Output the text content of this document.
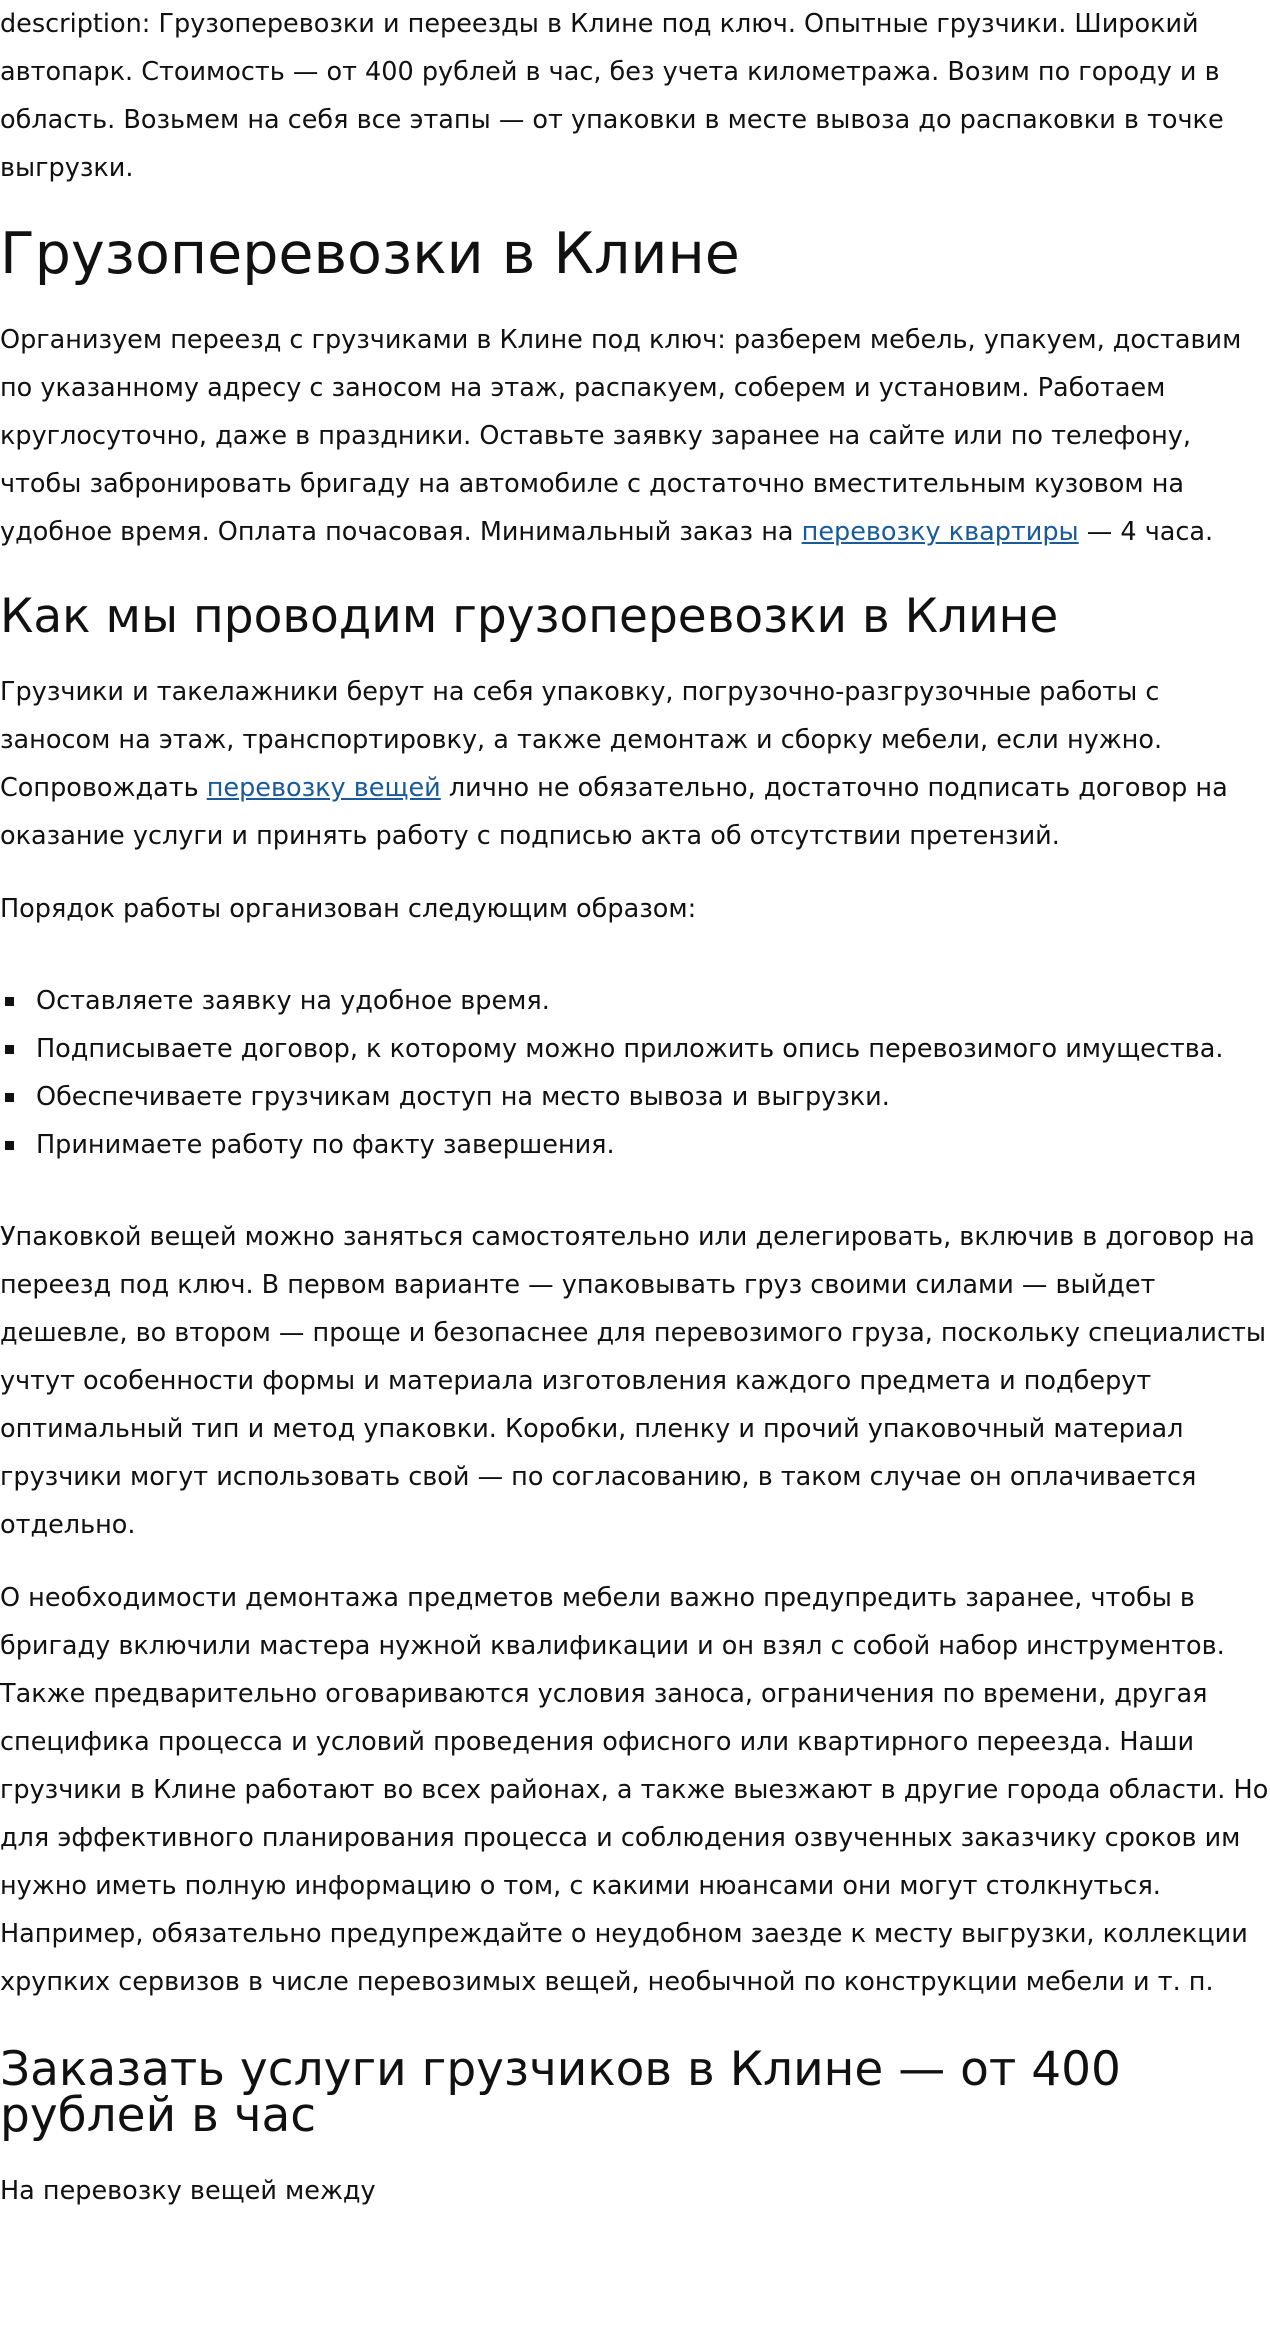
description: Грузоперевозки и переезды в Клине под ключ. Опытные грузчики. Широкий автопарк. Стоимость — от 400 рублей в час, без учета километража. Возим по городу и в область. Возьмем на себя все этапы — от упаковки в месте вывоза до распаковки в точке выгрузки.

Грузоперевозки в Клине

Организуем переезд с грузчиками в Клине под ключ: разберем мебель, упакуем, доставим по указанному адресу с заносом на этаж, распакуем, соберем и установим. Работаем круглосуточно, даже в праздники. Оставьте заявку заранее на сайте или по телефону, чтобы забронировать бригаду на автомобиле с достаточно вместительным кузовом на удобное время. Оплата почасовая. Минимальный заказ на перевозку квартиры — 4 часа.

Как мы проводим грузоперевозки в Клине

Грузчики и такелажники берут на себя упаковку, погрузочно-разгрузочные работы с заносом на этаж, транспортировку, а также демонтаж и сборку мебели, если нужно. Сопровождать перевозку вещей лично не обязательно, достаточно подписать договор на оказание услуги и принять работу с подписью акта об отсутствии претензий.

Порядок работы организован следующим образом:

Оставляете заявку на удобное время.
Подписываете договор, к которому можно приложить опись перевозимого имущества.
Обеспечиваете грузчикам доступ на место вывоза и выгрузки.
Принимаете работу по факту завершения.

Упаковкой вещей можно заняться самостоятельно или делегировать, включив в договор на переезд под ключ. В первом варианте — упаковывать груз своими силами — выйдет дешевле, во втором — проще и безопаснее для перевозимого груза, поскольку специалисты учтут особенности формы и материала изготовления каждого предмета и подберут оптимальный тип и метод упаковки. Коробки, пленку и прочий упаковочный материал грузчики могут использовать свой — по согласованию, в таком случае он оплачивается отдельно.

О необходимости демонтажа предметов мебели важно предупредить заранее, чтобы в бригаду включили мастера нужной квалификации и он взял с собой набор инструментов. Также предварительно оговариваются условия заноса, ограничения по времени, другая специфика процесса и условий проведения офисного или квартирного переезда. Наши грузчики в Клине работают во всех районах, а также выезжают в другие города области. Но для эффективного планирования процесса и соблюдения озвученных заказчику сроков им нужно иметь полную информацию о том, с какими нюансами они могут столкнуться. Например, обязательно предупреждайте о неудобном заезде к месту выгрузки, коллекции хрупких сервизов в числе перевозимых вещей, необычной по конструкции мебели и т. п.

Заказать услуги грузчиков в Клине — от 400 рублей в час

На перевозку вещей между
